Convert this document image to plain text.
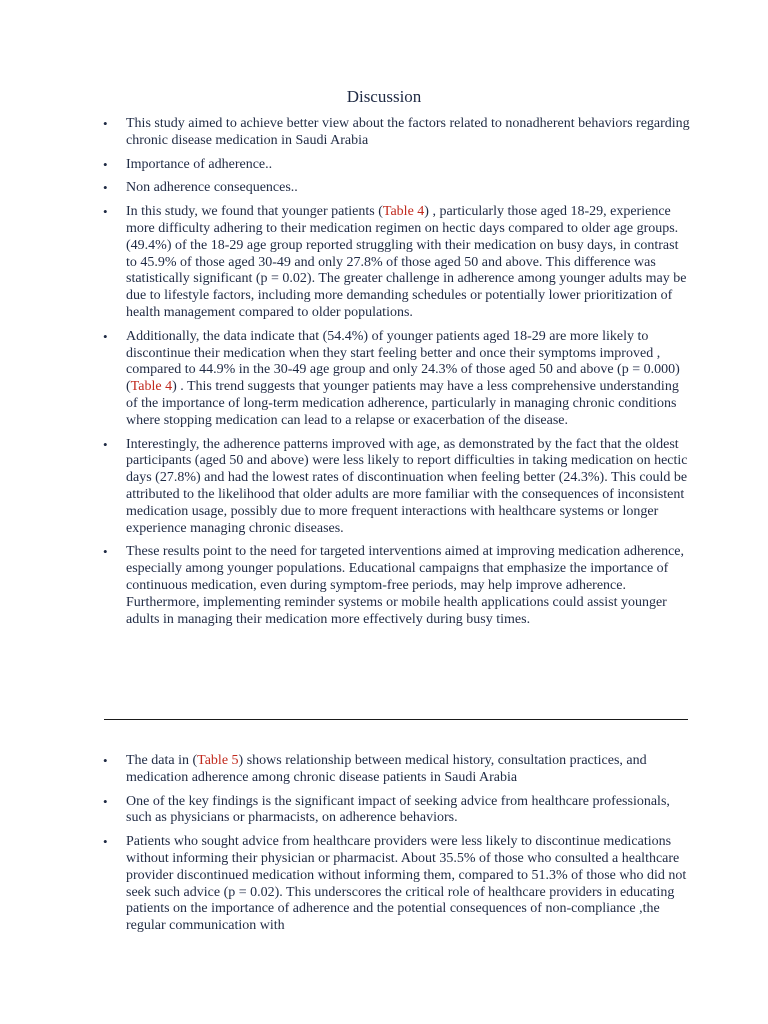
Discussion
• This study aimed to achieve better view about the factors related to nonadherent behaviors regarding chronic disease medication in Saudi Arabia
• Importance of adherence..
• Non adherence consequences..
• In this study, we found that younger patients (Table 4) , particularly those aged 18-29, experience more difficulty adhering to their medication regimen on hectic days compared to older age groups. (49.4%) of the 18-29 age group reported struggling with their medication on busy days, in contrast to 45.9% of those aged 30-49 and only 27.8% of those aged 50 and above. This difference was statistically significant (p = 0.02). The greater challenge in adherence among younger adults may be due to lifestyle factors, including more demanding schedules or potentially lower prioritization of health management compared to older populations.
• Additionally, the data indicate that (54.4%) of younger patients aged 18-29 are more likely to discontinue their medication when they start feeling better and once their symptoms improved , compared to 44.9% in the 30-49 age group and only 24.3% of those aged 50 and above (p = 0.000) (Table 4) . This trend suggests that younger patients may have a less comprehensive understanding of the importance of long-term medication adherence, particularly in managing chronic conditions where stopping medication can lead to a relapse or exacerbation of the disease.
• Interestingly, the adherence patterns improved with age, as demonstrated by the fact that the oldest participants (aged 50 and above) were less likely to report difficulties in taking medication on hectic days (27.8%) and had the lowest rates of discontinuation when feeling better (24.3%). This could be attributed to the likelihood that older adults are more familiar with the consequences of inconsistent medication usage, possibly due to more frequent interactions with healthcare systems or longer experience managing chronic diseases.
• These results point to the need for targeted interventions aimed at improving medication adherence, especially among younger populations. Educational campaigns that emphasize the importance of continuous medication, even during symptom-free periods, may help improve adherence. Furthermore, implementing reminder systems or mobile health applications could assist younger adults in managing their medication more effectively during busy times.
• The data in (Table 5) shows relationship between medical history, consultation practices, and medication adherence among chronic disease patients in Saudi Arabia
• One of the key findings is the significant impact of seeking advice from healthcare professionals, such as physicians or pharmacists, on adherence behaviors.
• Patients who sought advice from healthcare providers were less likely to discontinue medications without informing their physician or pharmacist. About 35.5% of those who consulted a healthcare provider discontinued medication without informing them, compared to 51.3% of those who did not seek such advice (p = 0.02). This underscores the critical role of healthcare providers in educating patients on the importance of adherence and the potential consequences of non-compliance ,the regular communication with
